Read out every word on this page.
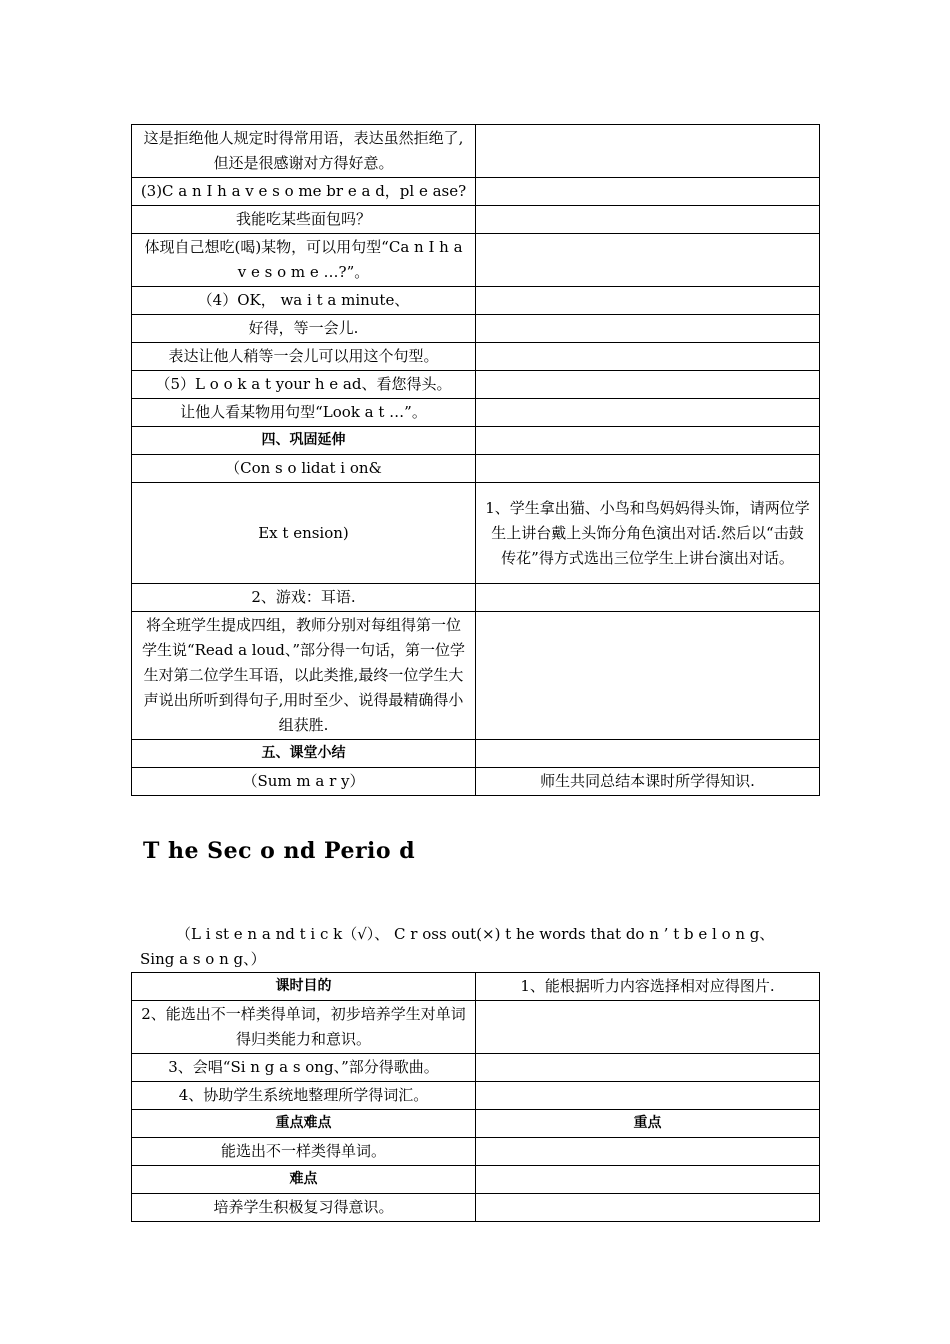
这是拒绝他人规定时得常用语，表达虽然拒绝了,但还是很感谢对方得好意。	
(3)C a n I h a v e s o me br e a d，pl e ase?	
我能吃某些面包吗？	
体现自己想吃(喝)某物，可以用句型“Ca n I h a v e s o m e …?”。	
（4）OK， wa i t a minute、	
好得，等一会儿.	
表达让他人稍等一会儿可以用这个句型。	
（5）L o o k a t your h e ad、看您得头。	
让他人看某物用句型“Look a t …”。	
四、巩固延伸	
（Con s o lidat i on&	
Ex t ension)	1、学生拿出猫、小鸟和鸟妈妈得头饰，请两位学生上讲台戴上头饰分角色演出对话.然后以“击鼓传花”得方式选出三位学生上讲台演出对话。
2、游戏：耳语.	
将全班学生提成四组，教师分别对每组得第一位学生说“Read a loud、”部分得一句话，第一位学生对第二位学生耳语，以此类推,最终一位学生大声说出所听到得句子,用时至少、说得最精确得小组获胜.	
五、课堂小结	
（Sum m a r y）	师生共同总结本课时所学得知识.
T he Sec o nd Perio d
（L i st e n a nd t i c k（√）、 C r oss out(×) t he words that do n ’ t b e l o n g、 Sing a s o n g、）
课时目的	1、能根据听力内容选择相对应得图片.
2、能选出不一样类得单词，初步培养学生对单词得归类能力和意识。	
3、会唱“Si n g a s ong、”部分得歌曲。	
4、协助学生系统地整理所学得词汇。	
重点难点	重点
能选出不一样类得单词。	
难点	
培养学生积极复习得意识。	
